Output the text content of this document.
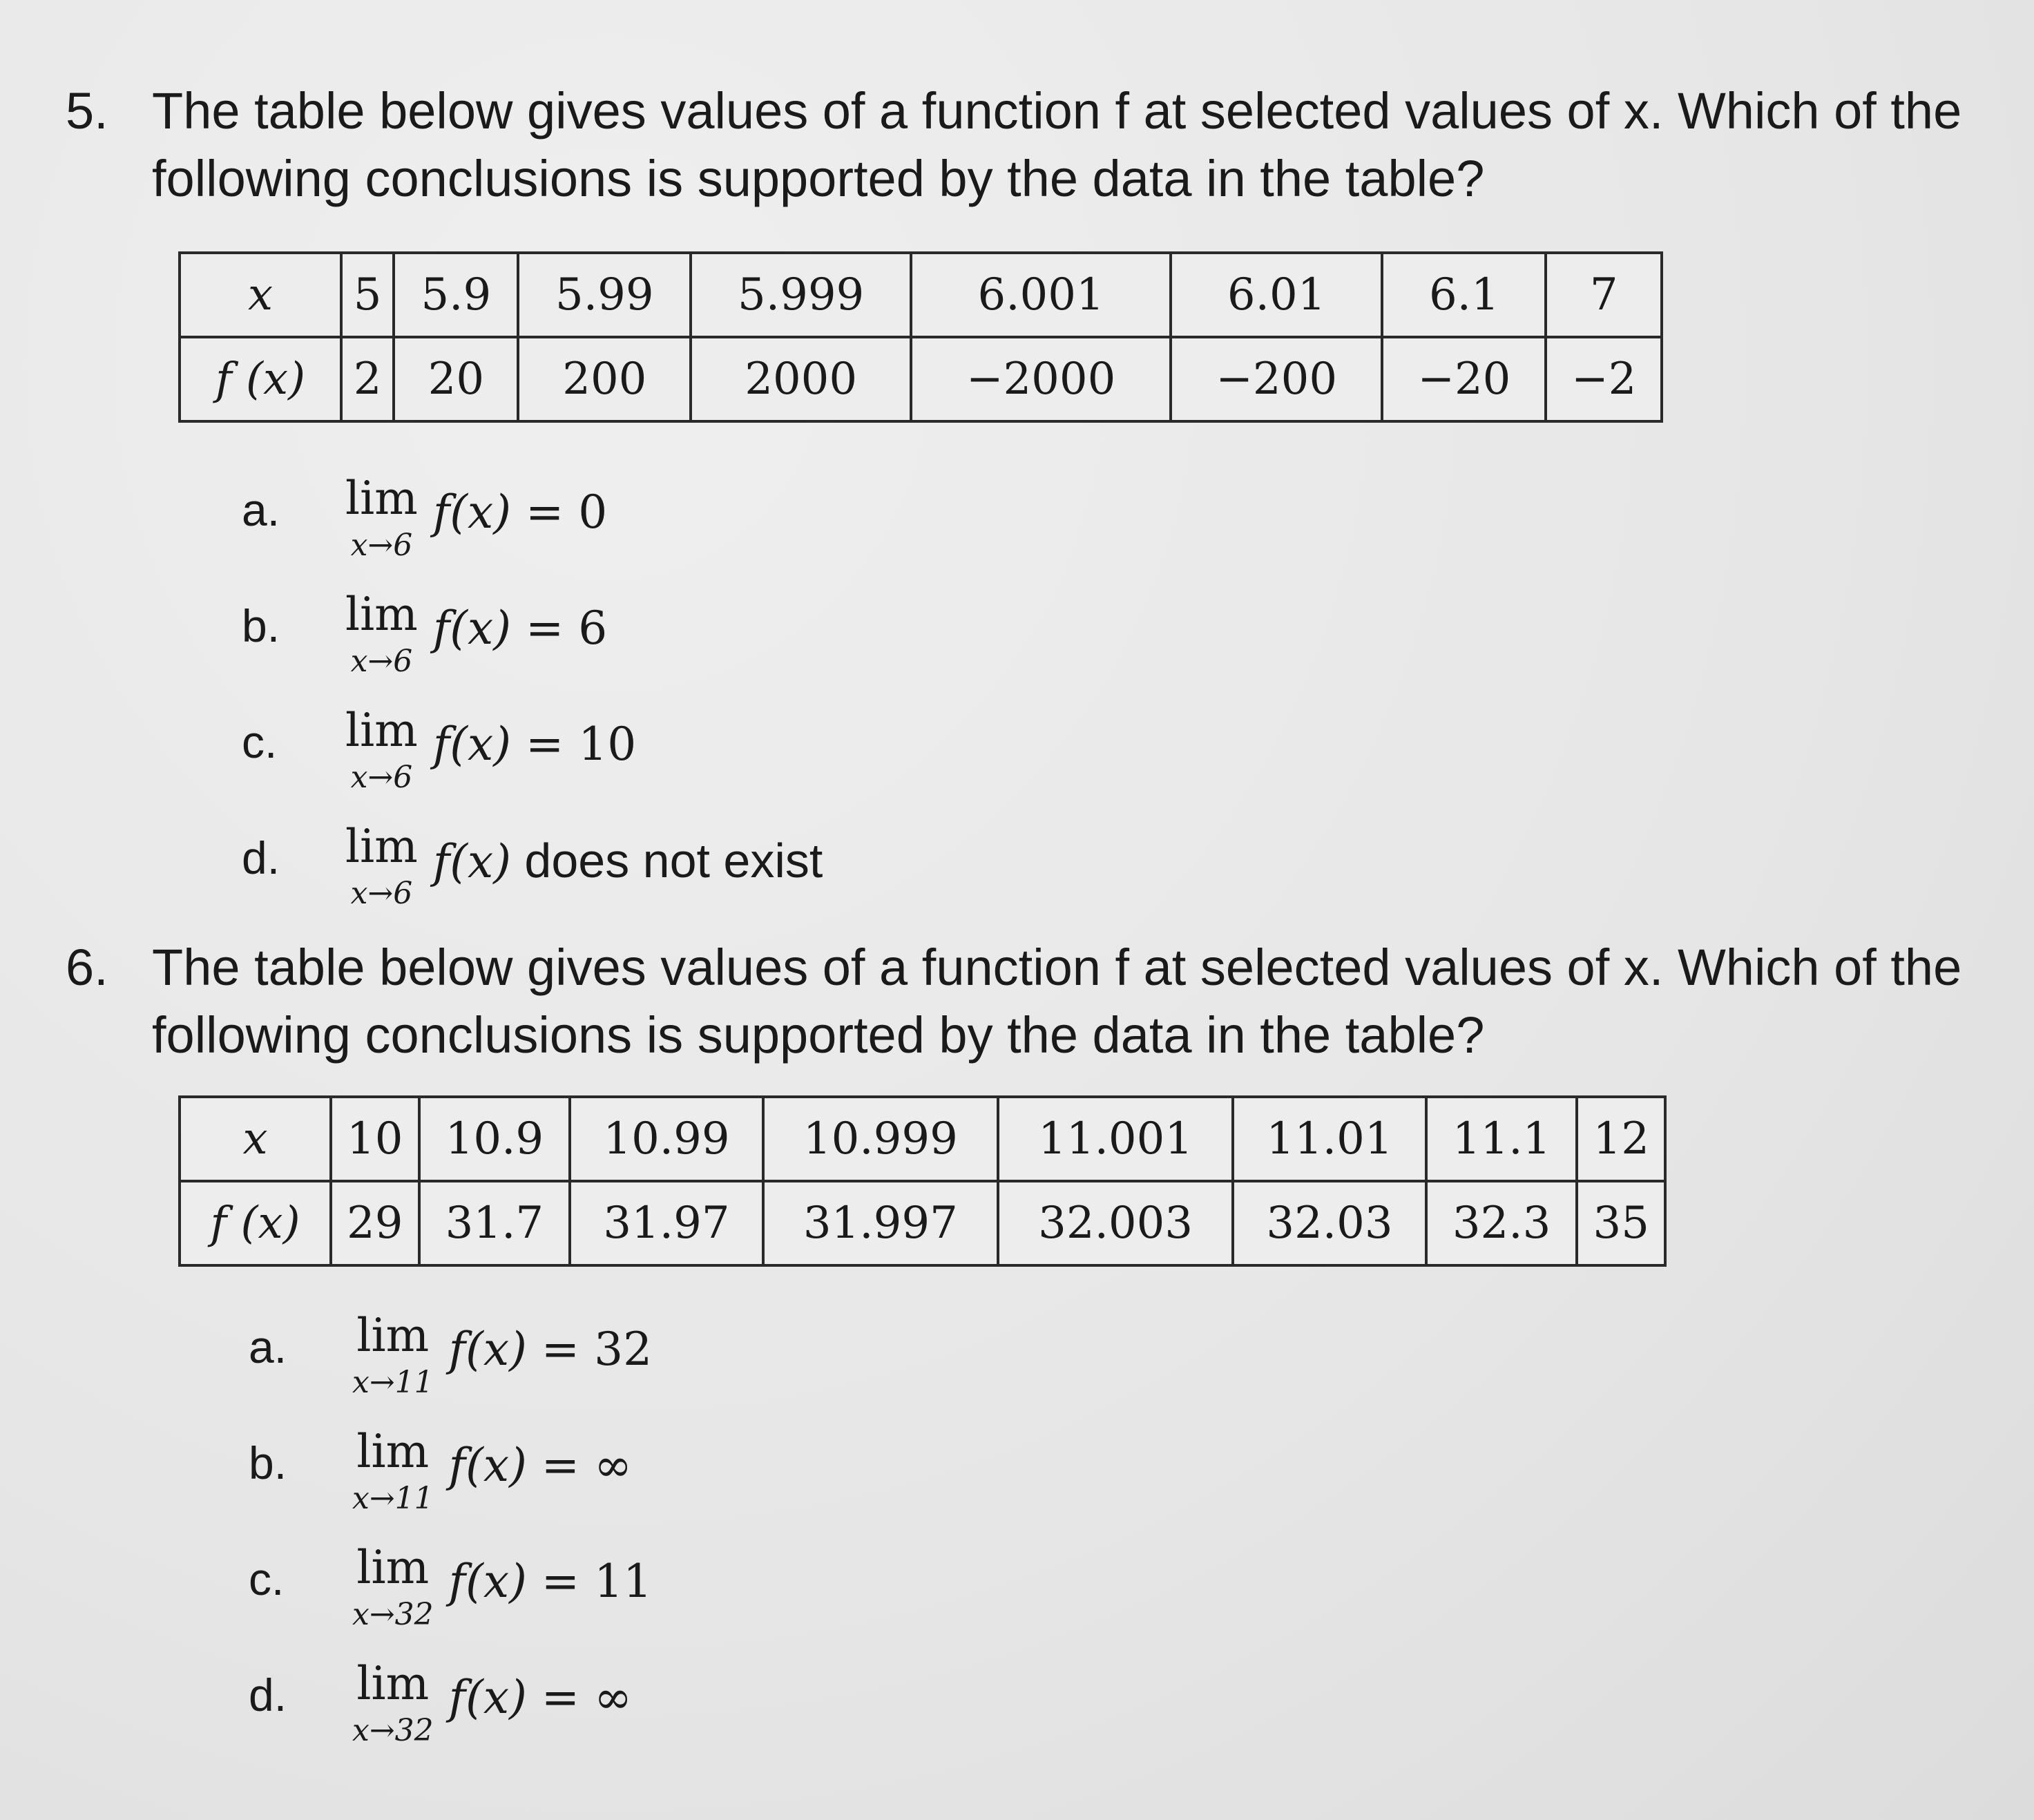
5. The table below gives values of a function f at selected values of x. Which of the following conclusions is supported by the data in the table?
x	5	5.9	5.99	5.999	6.001	6.01	6.1	7
f (x)	2	20	200	2000	−2000	−200	−20	−2
a.	lim
x→6
f(x) = 0
b.	lim
x→6
f(x) = 6
c.	lim
x→6
f(x) = 10
d.	lim
x→6
f(x) does not exist
6. The table below gives values of a function f at selected values of x. Which of the following conclusions is supported by the data in the table?
x	10	10.9	10.99	10.999	11.001	11.01	11.1	12
f (x)	29	31.7	31.97	31.997	32.003	32.03	32.3	35
a.	lim
x→11
f(x) = 32
b.	lim
x→11
f(x) = ∞
c.	lim
x→32
f(x) = 11
d.	lim
x→32
f(x) = ∞
